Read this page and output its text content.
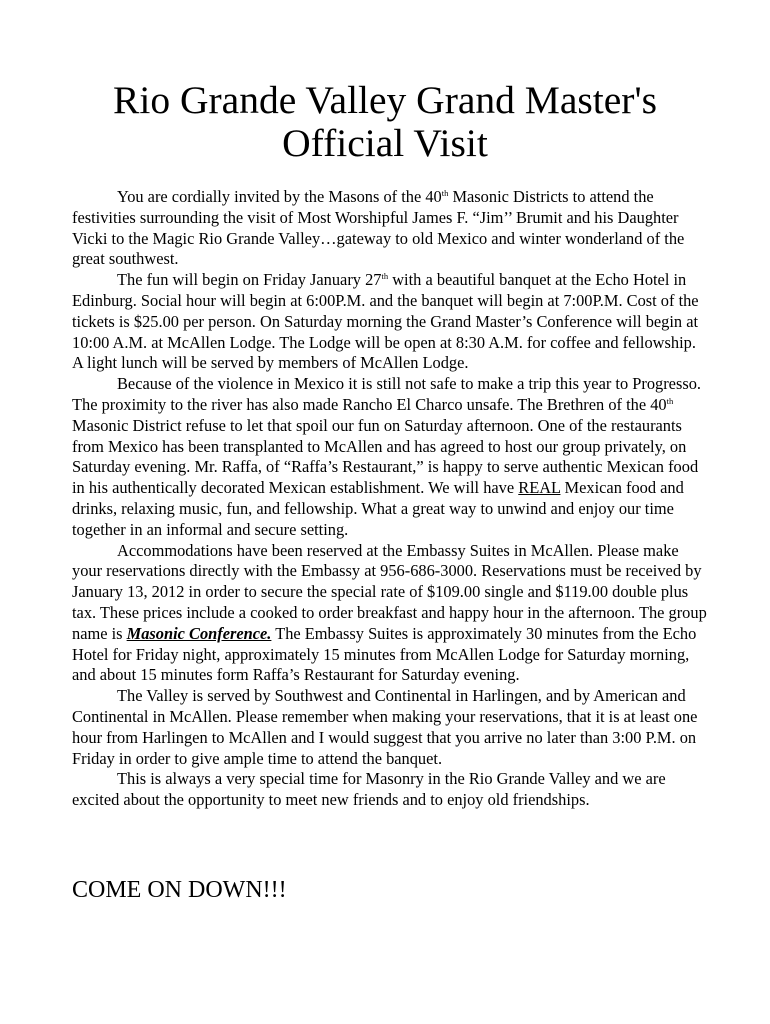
Rio Grande Valley Grand Master's
Official Visit

You are cordially invited by the Masons of the 40th Masonic Districts to attend the festivities surrounding the visit of Most Worshipful James F. “Jim’’ Brumit and his Daughter Vicki to the Magic Rio Grande Valley…gateway to old Mexico and winter wonderland of the great southwest.

The fun will begin on Friday January 27th with a beautiful banquet at the Echo Hotel in Edinburg. Social hour will begin at 6:00P.M. and the banquet will begin at 7:00P.M. Cost of the tickets is $25.00 per person. On Saturday morning the Grand Master’s Conference will begin at 10:00 A.M. at McAllen Lodge. The Lodge will be open at 8:30 A.M. for coffee and fellowship. A light lunch will be served by members of McAllen Lodge.

Because of the violence in Mexico it is still not safe to make a trip this year to Progresso. The proximity to the river has also made Rancho El Charco unsafe. The Brethren of the 40th Masonic District refuse to let that spoil our fun on Saturday afternoon. One of the restaurants from Mexico has been transplanted to McAllen and has agreed to host our group privately, on Saturday evening. Mr. Raffa, of “Raffa’s Restaurant,” is happy to serve authentic Mexican food in his authentically decorated Mexican establishment. We will have REAL Mexican food and drinks, relaxing music, fun, and fellowship. What a great way to unwind and enjoy our time together in an informal and secure setting.

Accommodations have been reserved at the Embassy Suites in McAllen. Please make your reservations directly with the Embassy at 956-686-3000. Reservations must be received by January 13, 2012 in order to secure the special rate of $109.00 single and $119.00 double plus tax. These prices include a cooked to order breakfast and happy hour in the afternoon. The group name is Masonic Conference. The Embassy Suites is approximately 30 minutes from the Echo Hotel for Friday night, approximately 15 minutes from McAllen Lodge for Saturday morning, and about 15 minutes form Raffa’s Restaurant for Saturday evening.

The Valley is served by Southwest and Continental in Harlingen, and by American and Continental in McAllen. Please remember when making your reservations, that it is at least one hour from Harlingen to McAllen and I would suggest that you arrive no later than 3:00 P.M. on Friday in order to give ample time to attend the banquet.

This is always a very special time for Masonry in the Rio Grande Valley and we are excited about the opportunity to meet new friends and to enjoy old friendships.

COME ON DOWN!!!
